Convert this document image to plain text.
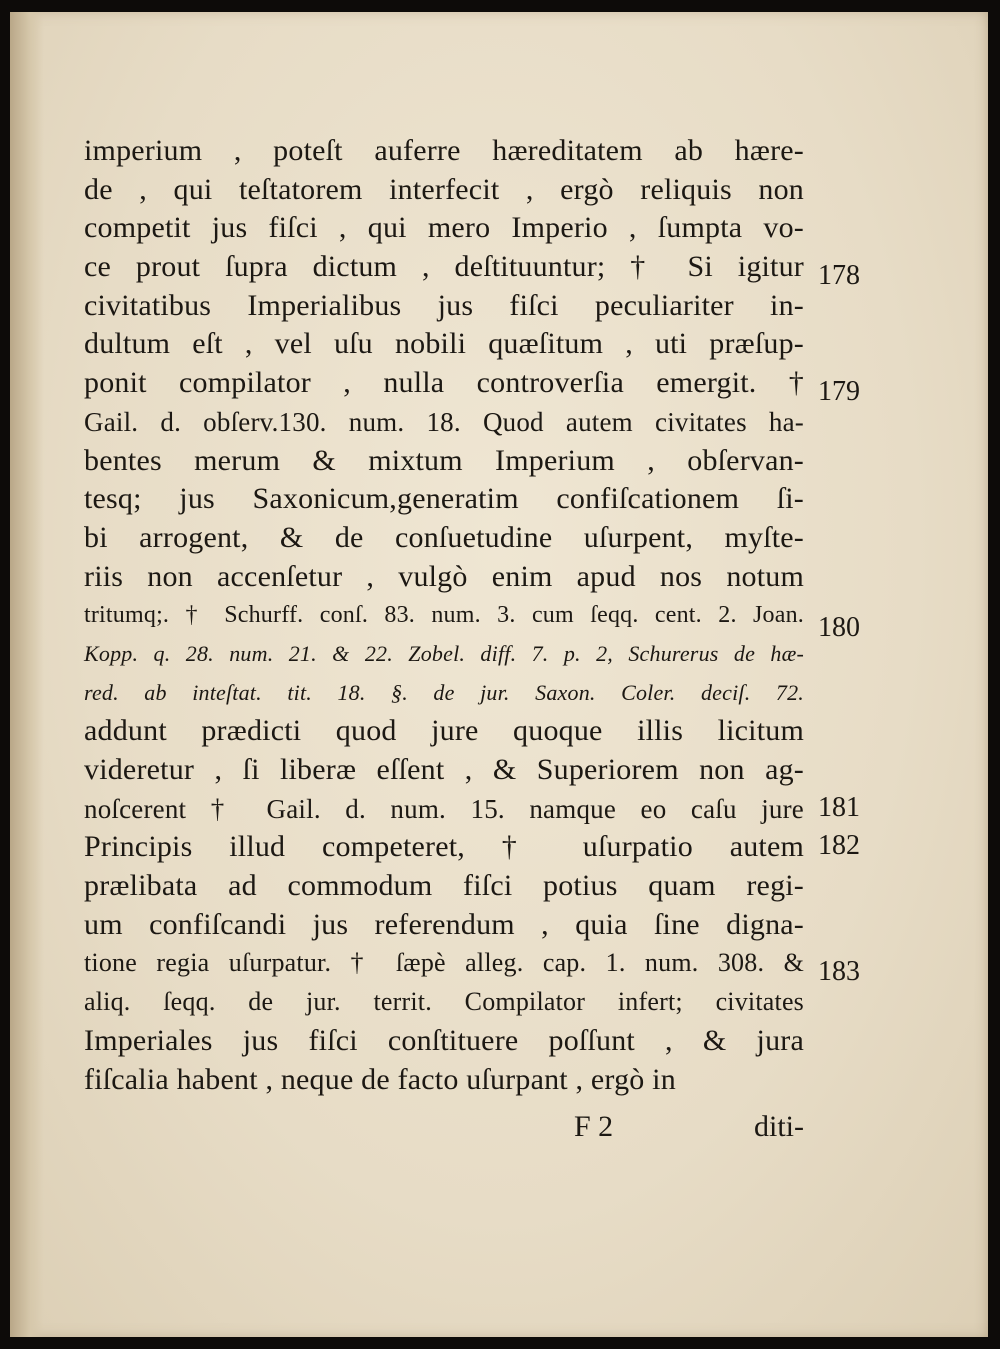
imperium , poteſt auferre hæreditatem ab hære-
de , qui teſtatorem interfecit , ergò reliquis non
competit jus fiſci , qui mero Imperio , ſumpta vo-
ce prout ſupra dictum , deſtituuntur; † Si igitur
civitatibus Imperialibus jus fiſci peculiariter in-
dultum eſt , vel uſu nobili quæſitum , uti præſup-
ponit compilator , nulla controverſia emergit. †
Gail. d. obſerv.130. num. 18. Quod autem civitates ha-
bentes merum & mixtum Imperium , obſervan-
tesq; jus Saxonicum,generatim confiſcationem ſi-
bi arrogent, & de conſuetudine uſurpent, myſte-
riis non accenſetur , vulgò enim apud nos notum
tritumq;. † Schurff. conſ. 83. num. 3. cum ſeqq. cent. 2. Joan.
Kopp. q. 28. num. 21. & 22. Zobel. diff. 7. p. 2, Schurerus de hæ-
red. ab inteſtat. tit. 18. §. de jur. Saxon. Coler. deciſ. 72.
addunt prædicti quod jure quoque illis licitum
videretur , ſi liberæ eſſent , & Superiorem non ag-
noſcerent † Gail. d. num. 15. namque eo caſu jure
Principis illud competeret, † uſurpatio autem
prælibata ad commodum fiſci potius quam regi-
um confiſcandi jus referendum , quia ſine digna-
tione regia uſurpatur. † ſæpè alleg. cap. 1. num. 308. &
aliq. ſeqq. de jur. territ. Compilator infert; civitates
Imperiales jus fiſci conſtituere poſſunt , & jura
fiſcalia habent , neque de facto uſurpant , ergò in
178
179
180
181
182
183
F 2	diti-
